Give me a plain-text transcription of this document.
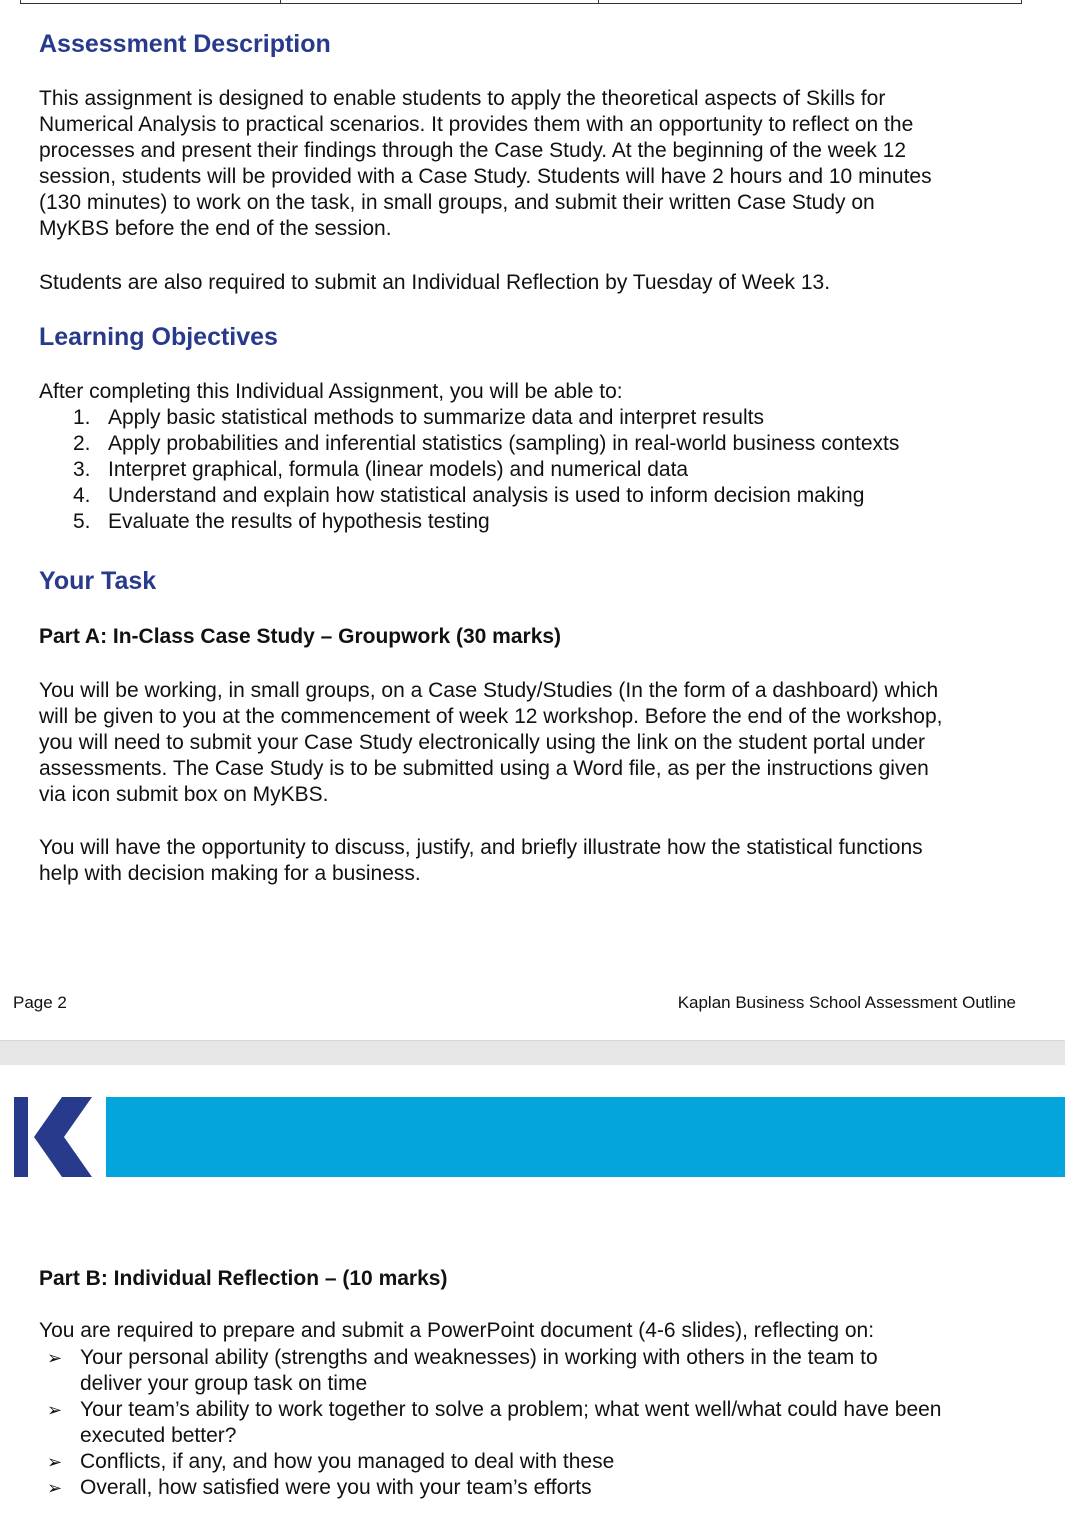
Assessment Description
This assignment is designed to enable students to apply the theoretical aspects of Skills for
Numerical Analysis to practical scenarios. It provides them with an opportunity to reflect on the
processes and present their findings through the Case Study. At the beginning of the week 12
session, students will be provided with a Case Study. Students will have 2 hours and 10 minutes
(130 minutes) to work on the task, in small groups, and submit their written Case Study on
MyKBS before the end of the session.
Students are also required to submit an Individual Reflection by Tuesday of Week 13.
Learning Objectives
After completing this Individual Assignment, you will be able to:
1. Apply basic statistical methods to summarize data and interpret results
2. Apply probabilities and inferential statistics (sampling) in real-world business contexts
3. Interpret graphical, formula (linear models) and numerical data
4. Understand and explain how statistical analysis is used to inform decision making
5. Evaluate the results of hypothesis testing
Your Task
Part A: In-Class Case Study – Groupwork (30 marks)
You will be working, in small groups, on a Case Study/Studies (In the form of a dashboard) which
will be given to you at the commencement of week 12 workshop. Before the end of the workshop,
you will need to submit your Case Study electronically using the link on the student portal under
assessments. The Case Study is to be submitted using a Word file, as per the instructions given
via icon submit box on MyKBS.
You will have the opportunity to discuss, justify, and briefly illustrate how the statistical functions
help with decision making for a business.
Page 2	Kaplan Business School Assessment Outline
Part B: Individual Reflection – (10 marks)
You are required to prepare and submit a PowerPoint document (4-6 slides), reflecting on:
➢ Your personal ability (strengths and weaknesses) in working with others in the team to
deliver your group task on time
➢ Your team’s ability to work together to solve a problem; what went well/what could have been
executed better?
➢ Conflicts, if any, and how you managed to deal with these
➢ Overall, how satisfied were you with your team’s efforts
